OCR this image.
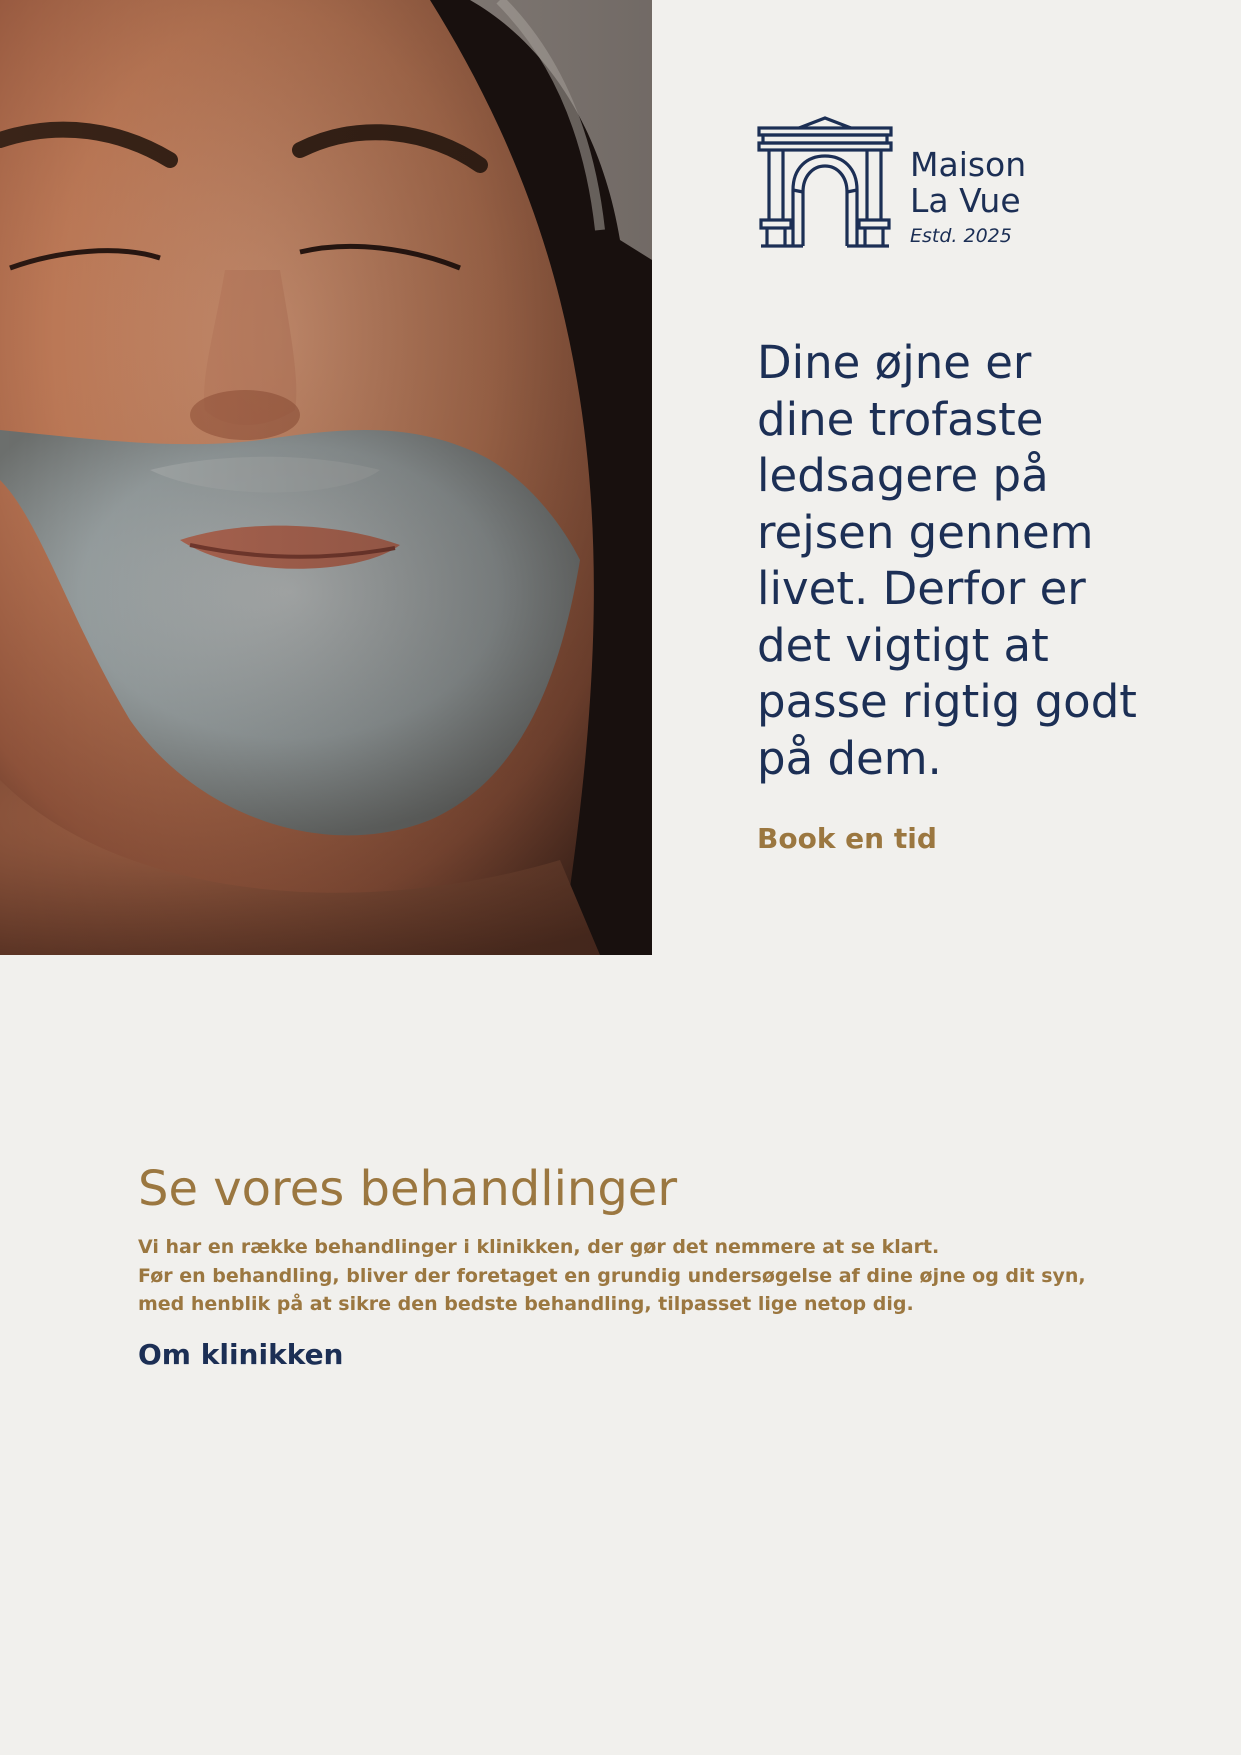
Maison
La Vue
Estd. 2025
Dine øjne er
dine trofaste
ledsagere på
rejsen gennem
livet. Derfor er
det vigtigt at
passe rigtig godt
på dem.
Book en tid
Se vores behandlinger
Vi har en række behandlinger i klinikken, der gør det nemmere at se klart.
Før en behandling, bliver der foretaget en grundig undersøgelse af dine øjne og dit syn,
med henblik på at sikre den bedste behandling, tilpasset lige netop dig.
Om klinikken
